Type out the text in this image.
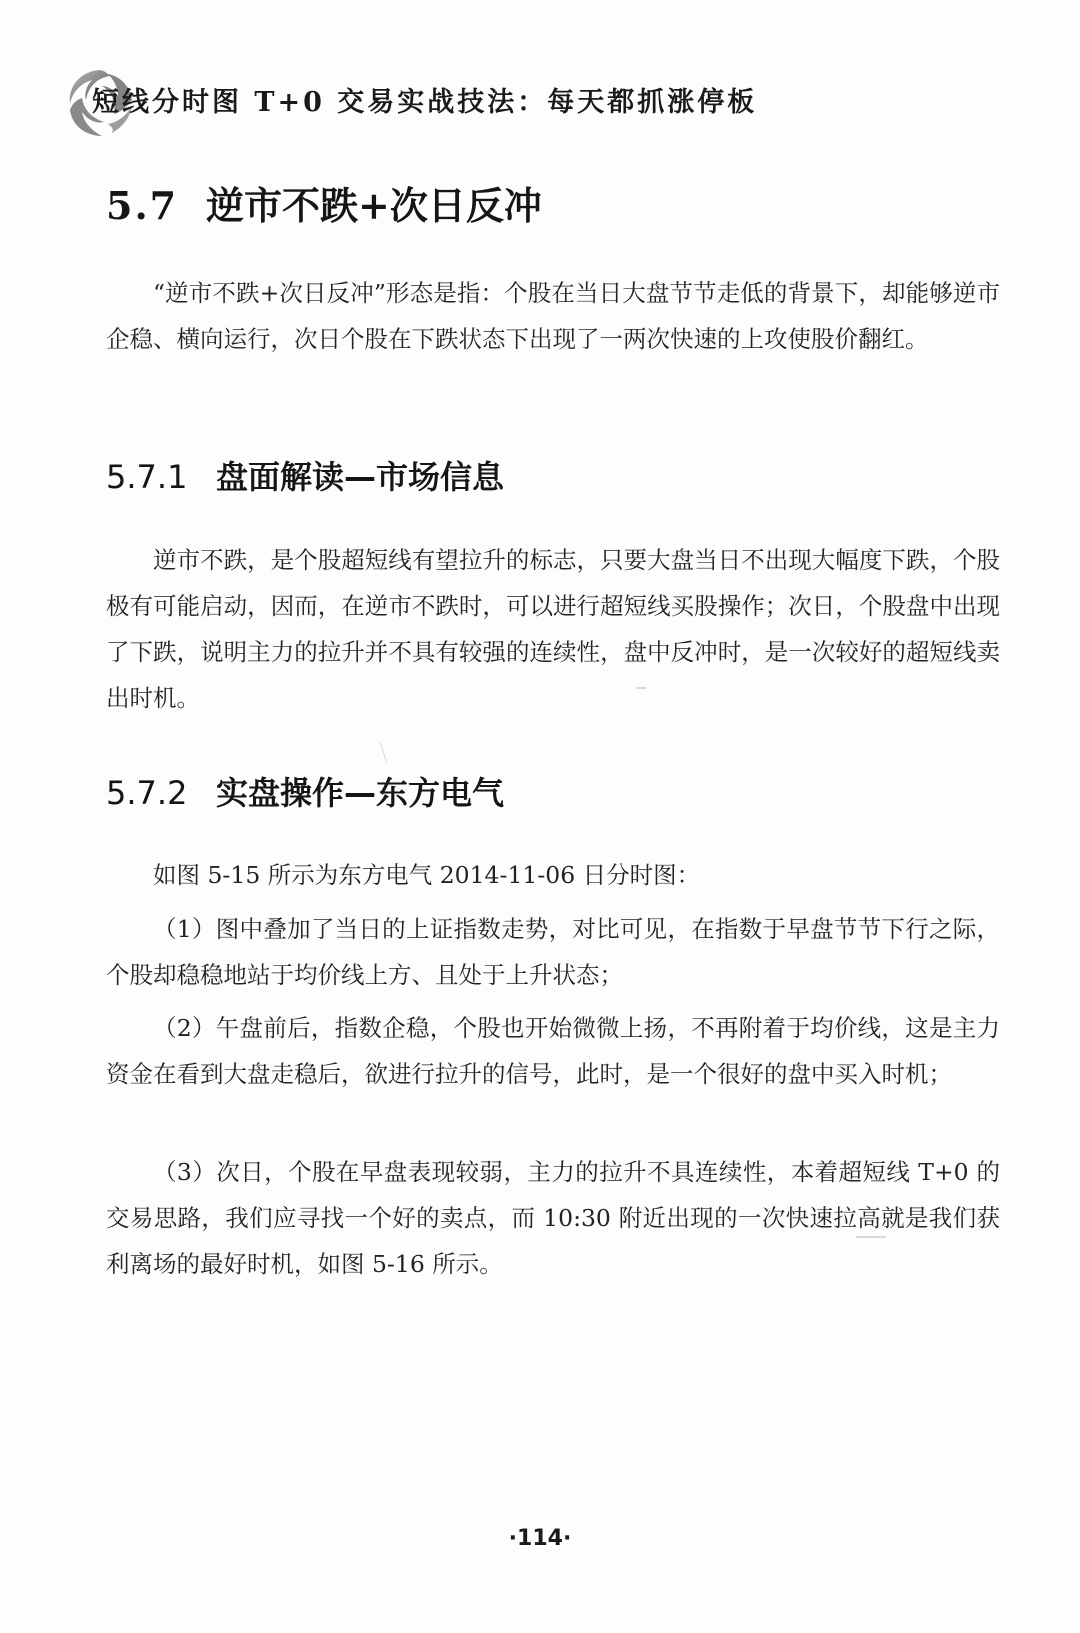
短线分时图 T+0 交易实战技法：每天都抓涨停板
5.7 逆市不跌+次日反冲

“逆市不跌+次日反冲”形态是指：个股在当日大盘节节走低的背景下，却能够逆市企稳、横向运行，次日个股在下跌状态下出现了一两次快速的上攻使股价翻红。

5.7.1 盘面解读—市场信息

逆市不跌，是个股超短线有望拉升的标志，只要大盘当日不出现大幅度下跌，个股极有可能启动，因而，在逆市不跌时，可以进行超短线买股操作；次日，个股盘中出现了下跌，说明主力的拉升并不具有较强的连续性，盘中反冲时，是一次较好的超短线卖出时机。

5.7.2 实盘操作—东方电气

如图 5-15 所示为东方电气 2014-11-06 日分时图：

（1）图中叠加了当日的上证指数走势，对比可见，在指数于早盘节节下行之际，个股却稳稳地站于均价线上方、且处于上升状态；

（2）午盘前后，指数企稳，个股也开始微微上扬，不再附着于均价线，这是主力资金在看到大盘走稳后，欲进行拉升的信号，此时，是一个很好的盘中买入时机；

（3）次日，个股在早盘表现较弱，主力的拉升不具连续性，本着超短线 T+0 的交易思路，我们应寻找一个好的卖点，而 10:30 附近出现的一次快速拉高就是我们获利离场的最好时机，如图 5-16 所示。

·114·
